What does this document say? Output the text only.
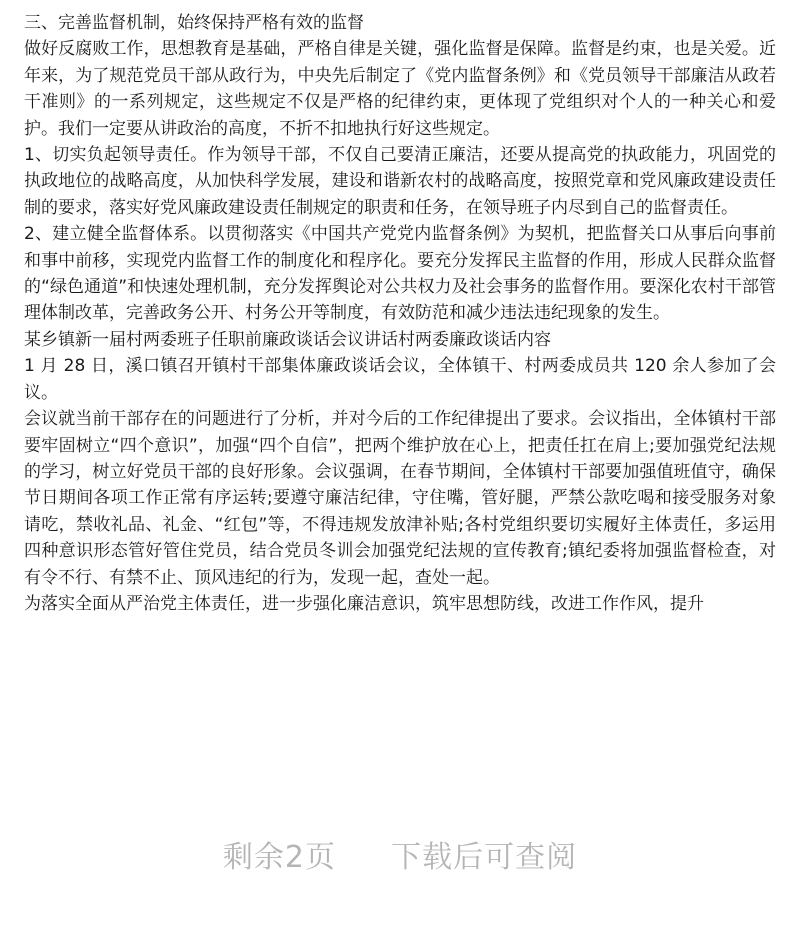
三、完善监督机制，始终保持严格有效的监督

做好反腐败工作，思想教育是基础，严格自律是关键，强化监督是保障。监督是约束，也是关爱。近年来，为了规范党员干部从政行为，中央先后制定了《党内监督条例》和《党员领导干部廉洁从政若干准则》的一系列规定，这些规定不仅是严格的纪律约束，更体现了党组织对个人的一种关心和爱护。我们一定要从讲政治的高度，不折不扣地执行好这些规定。

1、切实负起领导责任。作为领导干部，不仅自己要清正廉洁，还要从提高党的执政能力，巩固党的执政地位的战略高度，从加快科学发展，建设和谐新农村的战略高度，按照党章和党风廉政建设责任制的要求，落实好党风廉政建设责任制规定的职责和任务，在领导班子内尽到自己的监督责任。

2、建立健全监督体系。以贯彻落实《中国共产党党内监督条例》为契机，把监督关口从事后向事前和事中前移，实现党内监督工作的制度化和程序化。要充分发挥民主监督的作用，形成人民群众监督的“绿色通道”和快速处理机制，充分发挥舆论对公共权力及社会事务的监督作用。要深化农村干部管理体制改革，完善政务公开、村务公开等制度，有效防范和减少违法违纪现象的发生。

某乡镇新一届村两委班子任职前廉政谈话会议讲话村两委廉政谈话内容

1 月 28 日，溪口镇召开镇村干部集体廉政谈话会议，全体镇干、村两委成员共 120 余人参加了会议。

会议就当前干部存在的问题进行了分析，并对今后的工作纪律提出了要求。会议指出，全体镇村干部要牢固树立“四个意识”，加强“四个自信”，把两个维护放在心上，把责任扛在肩上;要加强党纪法规的学习，树立好党员干部的良好形象。会议强调，在春节期间，全体镇村干部要加强值班值守，确保节日期间各项工作正常有序运转;要遵守廉洁纪律，守住嘴，管好腿，严禁公款吃喝和接受服务对象请吃，禁收礼品、礼金、“红包”等，不得违规发放津补贴;各村党组织要切实履好主体责任，多运用四种意识形态管好管住党员，结合党员冬训会加强党纪法规的宣传教育;镇纪委将加强监督检查，对有令不行、有禁不止、顶风违纪的行为，发现一起，查处一起。

为落实全面从严治党主体责任，进一步强化廉洁意识，筑牢思想防线，改进工作作风，提升

剩余2页 下载后可查阅
